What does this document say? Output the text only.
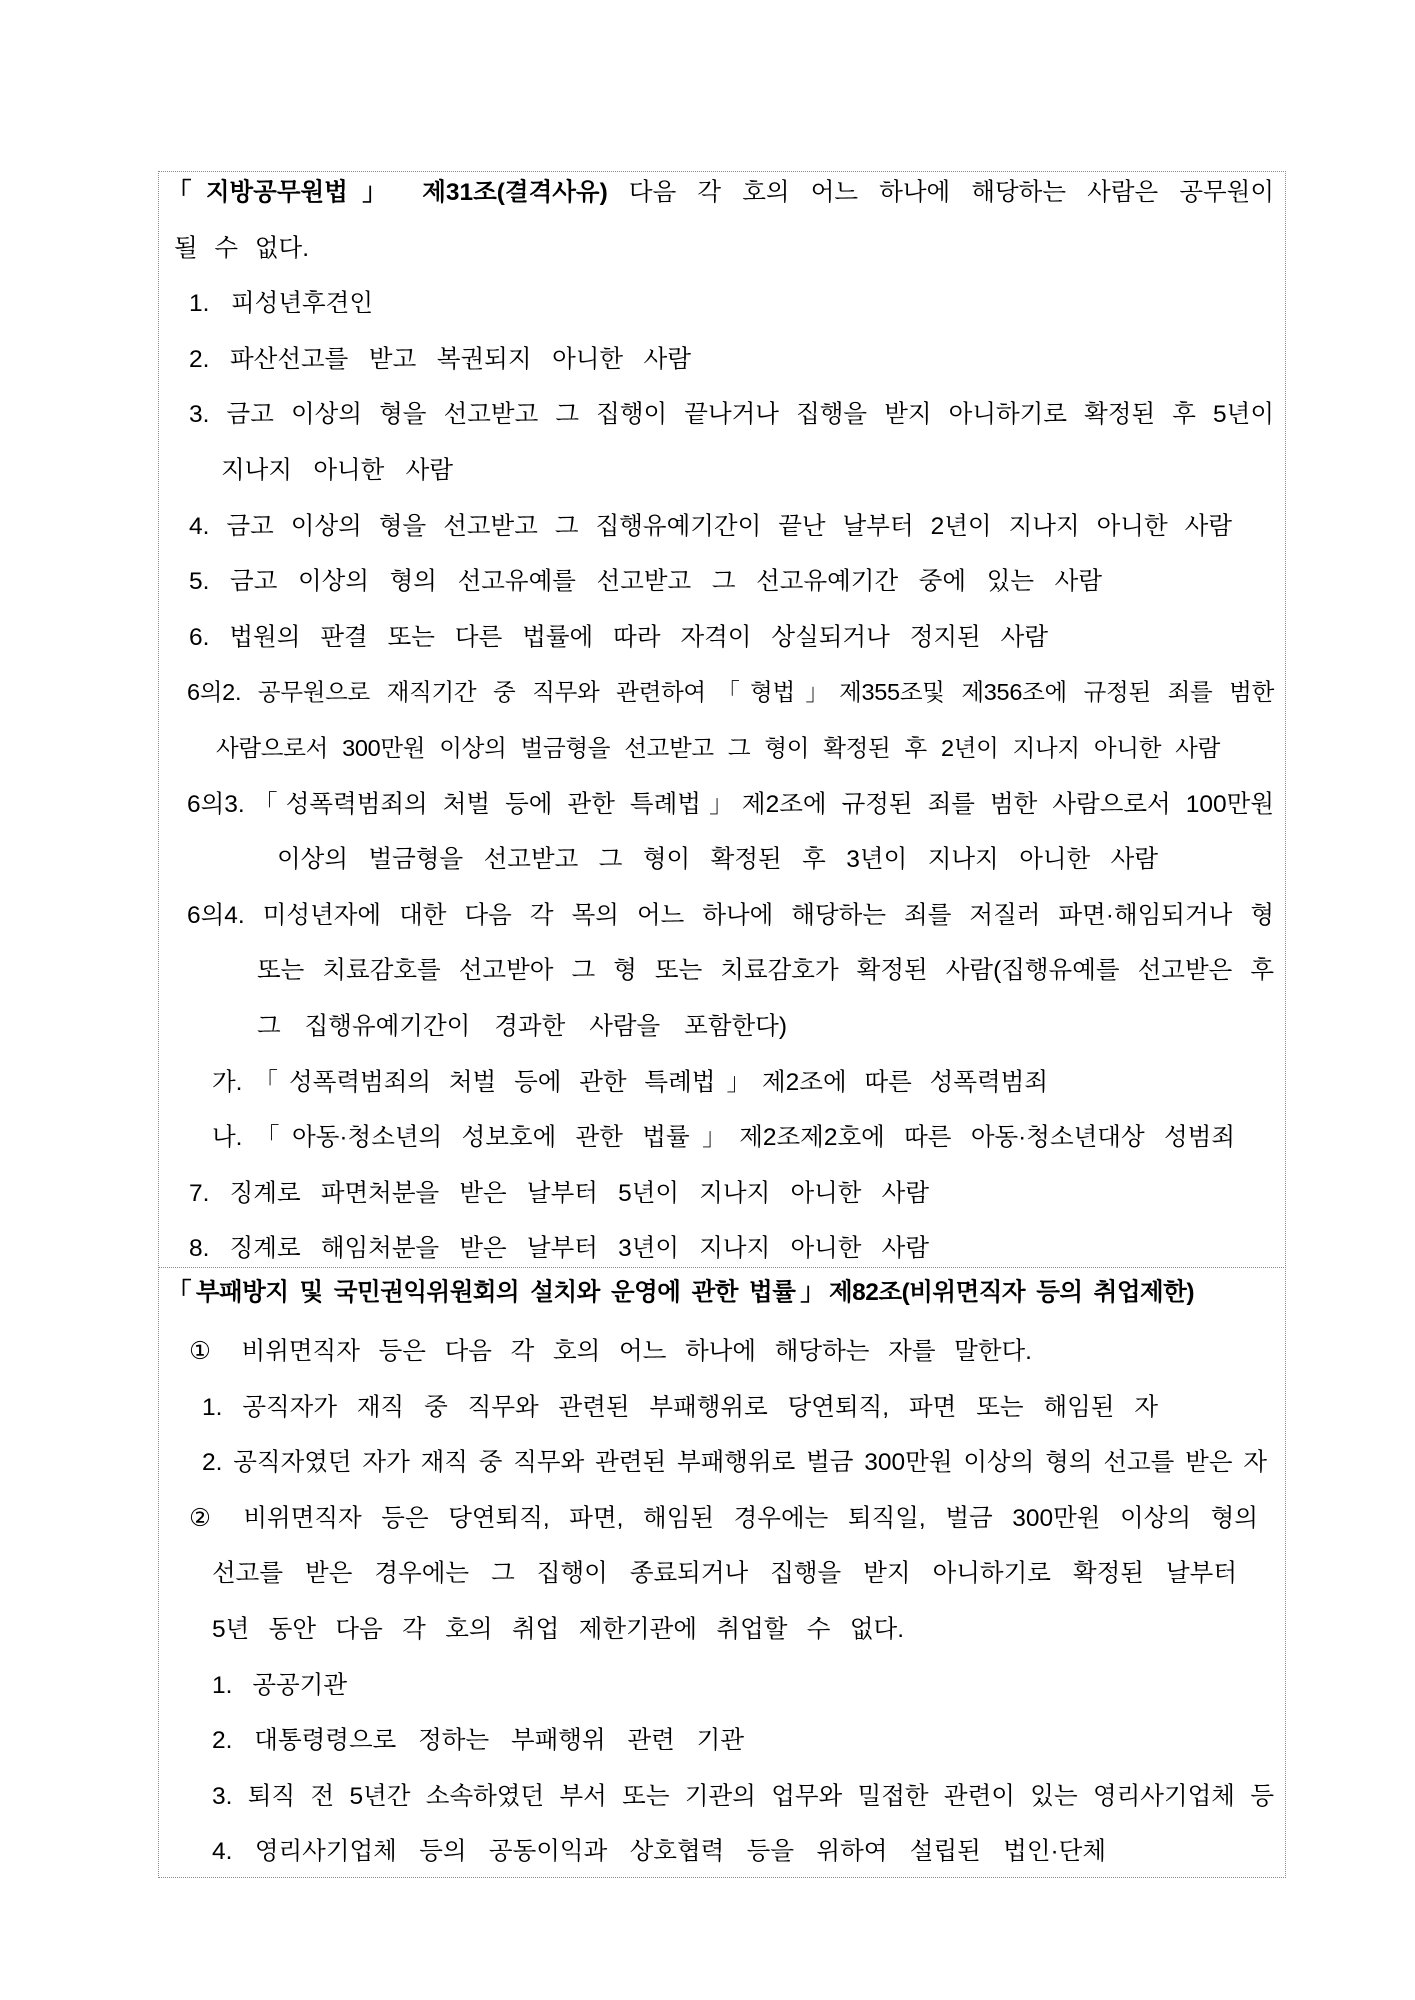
「지방공무원법」 제31조(결격사유) 다음 각 호의 어느 하나에 해당하는 사람은 공무원이
될 수 없다.
1. 피성년후견인
2. 파산선고를 받고 복권되지 아니한 사람
3. 금고 이상의 형을 선고받고 그 집행이 끝나거나 집행을 받지 아니하기로 확정된 후 5년이
지나지 아니한 사람
4. 금고 이상의 형을 선고받고 그 집행유예기간이 끝난 날부터 2년이 지나지 아니한 사람
5. 금고 이상의 형의 선고유예를 선고받고 그 선고유예기간 중에 있는 사람
6. 법원의 판결 또는 다른 법률에 따라 자격이 상실되거나 정지된 사람
6의2. 공무원으로 재직기간 중 직무와 관련하여「형법」제355조및 제356조에 규정된 죄를 범한
사람으로서 300만원 이상의 벌금형을 선고받고 그 형이 확정된 후 2년이 지나지 아니한 사람
6의3.「성폭력범죄의 처벌 등에 관한 특례법」제2조에 규정된 죄를 범한 사람으로서 100만원
이상의 벌금형을 선고받고 그 형이 확정된 후 3년이 지나지 아니한 사람
6의4. 미성년자에 대한 다음 각 목의 어느 하나에 해당하는 죄를 저질러 파면·해임되거나 형
또는 치료감호를 선고받아 그 형 또는 치료감호가 확정된 사람(집행유예를 선고받은 후
그 집행유예기간이 경과한 사람을 포함한다)
가.「성폭력범죄의 처벌 등에 관한 특례법」제2조에 따른 성폭력범죄
나.「아동·청소년의 성보호에 관한 법률」제2조제2호에 따른 아동·청소년대상 성범죄
7. 징계로 파면처분을 받은 날부터 5년이 지나지 아니한 사람
8. 징계로 해임처분을 받은 날부터 3년이 지나지 아니한 사람
「부패방지 및 국민권익위원회의 설치와 운영에 관한 법률」제82조(비위면직자 등의 취업제한)
① 비위면직자 등은 다음 각 호의 어느 하나에 해당하는 자를 말한다.
1. 공직자가 재직 중 직무와 관련된 부패행위로 당연퇴직, 파면 또는 해임된 자
2. 공직자였던 자가 재직 중 직무와 관련된 부패행위로 벌금 300만원 이상의 형의 선고를 받은 자
② 비위면직자 등은 당연퇴직, 파면, 해임된 경우에는 퇴직일, 벌금 300만원 이상의 형의
선고를 받은 경우에는 그 집행이 종료되거나 집행을 받지 아니하기로 확정된 날부터
5년 동안 다음 각 호의 취업 제한기관에 취업할 수 없다.
1. 공공기관
2. 대통령령으로 정하는 부패행위 관련 기관
3. 퇴직 전 5년간 소속하였던 부서 또는 기관의 업무와 밀접한 관련이 있는 영리사기업체 등
4. 영리사기업체 등의 공동이익과 상호협력 등을 위하여 설립된 법인·단체
